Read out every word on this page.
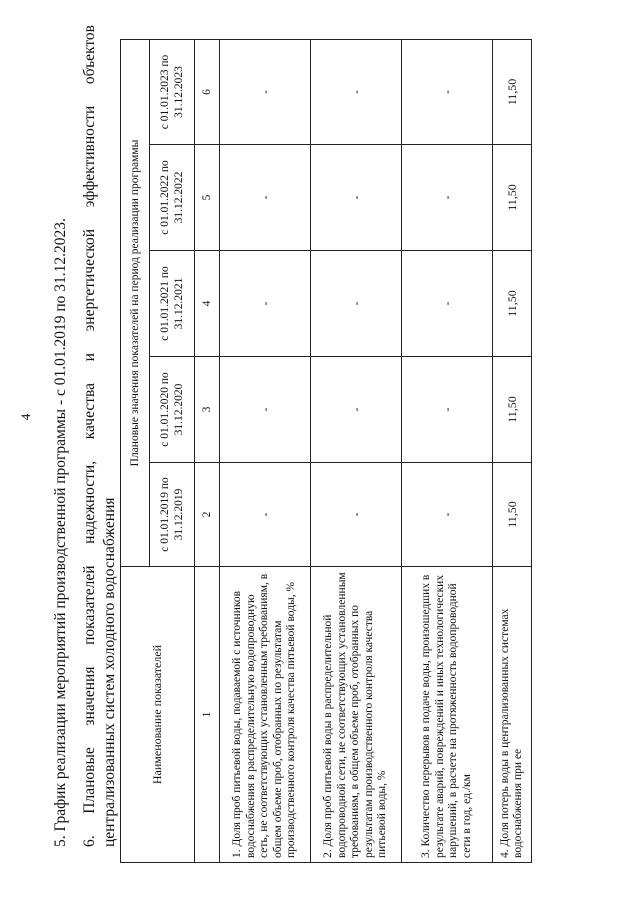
4 5. График реализации мероприятий производственной программы - с 01.01.2019 по 31.12.2023. 6.
Плановые
значения
показателей
надежности,
качества
и
энергетической
эффективности
объектов
централизованных систем холодного водоснабжения	Наименование показателей	Плановые значения показателей на период реализации программы				
	с 01.01.2019 по 31.12.2019	с 01.01.2020 по 31.12.2020	с 01.01.2021 по 31.12.2021	с 01.01.2022 по 31.12.2022	с 01.01.2023 по 31.12.2023
1	2	3	4	5	6
1. Доля проб питьевой воды, подаваемой с источников водоснабжения в распределительную водопроводную сеть, не соответствующих установленным требованиям, в общем объеме проб, отобранных по результатам производственного контроля качества питьевой воды, %	-	-	-	-	-
2. Доля проб питьевой воды в распределительной водопроводной сети, не соответствующих установленным требованиям, в общем объеме проб, отобранных по результатам производственного контроля качества питьевой воды, %	-	-	-	-	-
3. Количество перерывов в подаче воды, произошедших в результате аварий, повреждений и иных технологических нарушений, в расчете на протяженность водопроводной сети в год, ед./км	-	-	-	-	-
4. Доля потерь воды в централизованных системах водоснабжения при ее	11,50	11,50	11,50	11,50	11,50
